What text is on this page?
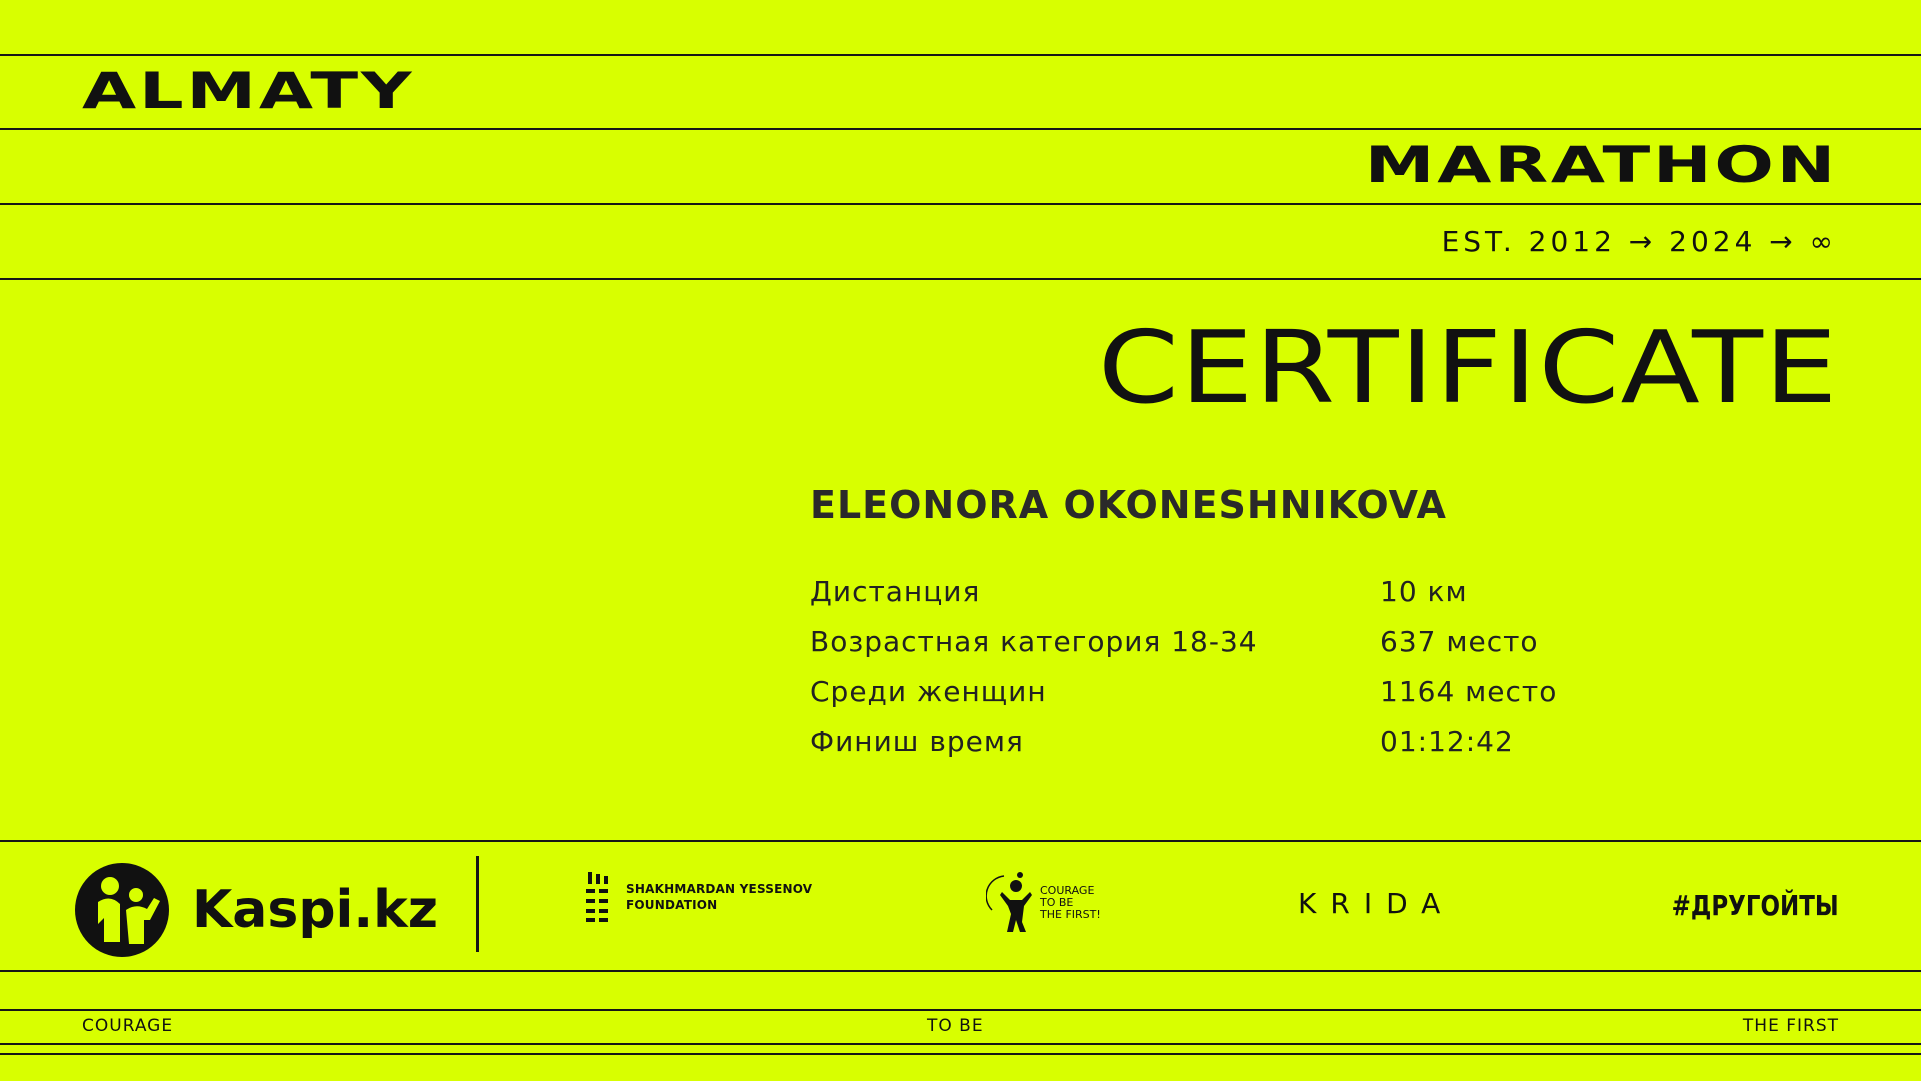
ALMATY
MARATHON
EST. 2012 → 2024 → ∞
CERTIFICATE
ELEONORA OKONESHNIKOVA
Дистанция	10 км
Возрастная категория 18-34	637 место
Среди женщин	1164 место
Финиш время	01:12:42
Kaspi.kz	SHAKHMARDAN YESSENOV
FOUNDATION
COURAGE
TO BE
THE FIRST!	KRIDA	#ДРУГОЙТЫ
COURAGE	TO BE	THE FIRST
